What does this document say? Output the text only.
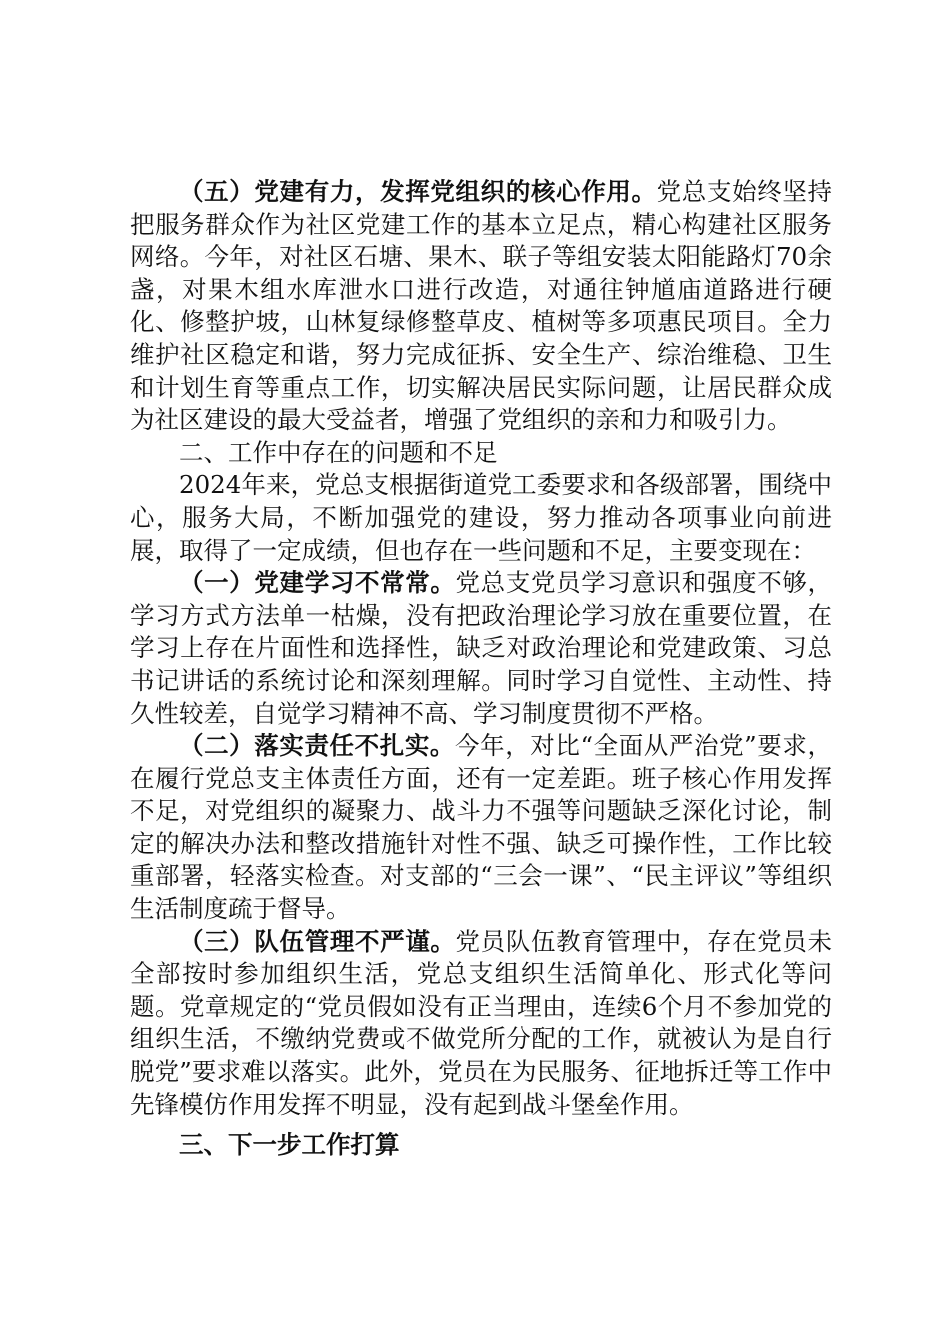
（五）党建有力，发挥党组织的核心作用。党总支始终坚持把服务群众作为社区党建工作的基本立足点，精心构建社区服务网络。今年，对社区石塘、果木、联子等组安装太阳能路灯70余盏，对果木组水库泄水口进行改造，对通往钟馗庙道路进行硬化、修整护坡，山林复绿修整草皮、植树等多项惠民项目。全力维护社区稳定和谐，努力完成征拆、安全生产、综治维稳、卫生和计划生育等重点工作，切实解决居民实际问题，让居民群众成为社区建设的最大受益者，增强了党组织的亲和力和吸引力。

二、工作中存在的问题和不足

2024年来，党总支根据街道党工委要求和各级部署，围绕中心，服务大局，不断加强党的建设，努力推动各项事业向前进展，取得了一定成绩，但也存在一些问题和不足，主要变现在：

（一）党建学习不常常。党总支党员学习意识和强度不够，学习方式方法单一枯燥，没有把政治理论学习放在重要位置，在学习上存在片面性和选择性，缺乏对政治理论和党建政策、习总书记讲话的系统讨论和深刻理解。同时学习自觉性、主动性、持久性较差，自觉学习精神不高、学习制度贯彻不严格。

（二）落实责任不扎实。今年，对比“全面从严治党”要求，在履行党总支主体责任方面，还有一定差距。班子核心作用发挥不足，对党组织的凝聚力、战斗力不强等问题缺乏深化讨论，制定的解决办法和整改措施针对性不强、缺乏可操作性，工作比较重部署，轻落实检查。对支部的“三会一课”、“民主评议”等组织生活制度疏于督导。

（三）队伍管理不严谨。党员队伍教育管理中，存在党员未全部按时参加组织生活，党总支组织生活简单化、形式化等问题。党章规定的“党员假如没有正当理由，连续6个月不参加党的组织生活，不缴纳党费或不做党所分配的工作，就被认为是自行脱党”要求难以落实。此外，党员在为民服务、征地拆迁等工作中先锋模仿作用发挥不明显，没有起到战斗堡垒作用。

三、下一步工作打算
